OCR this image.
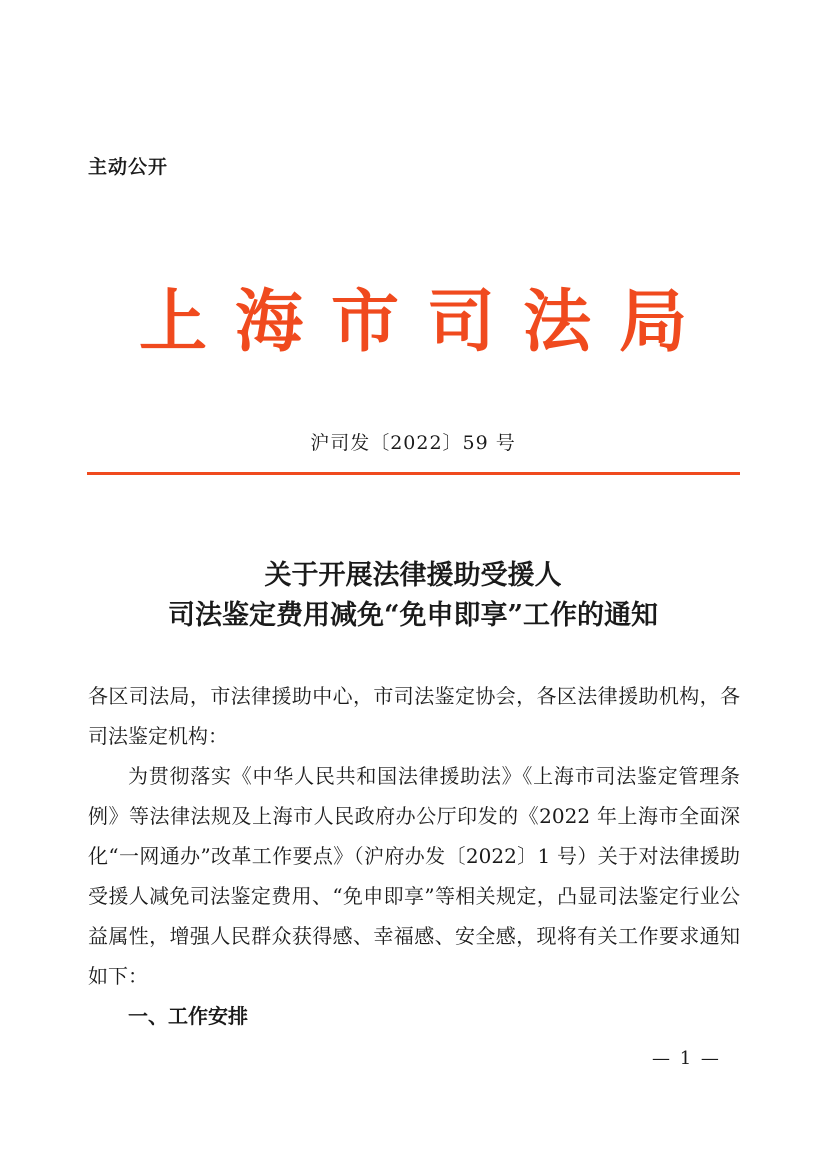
主动公开
上海市司法局
沪司发〔2022〕59 号
关于开展法律援助受援人
司法鉴定费用减免“免申即享”工作的通知

各区司法局，市法律援助中心，市司法鉴定协会，各区法律援助机构，各司法鉴定机构：

为贯彻落实《中华人民共和国法律援助法》《上海市司法鉴定管理条例》等法律法规及上海市人民政府办公厅印发的《2022 年上海市全面深化“一网通办”改革工作要点》（沪府办发〔2022〕1 号）关于对法律援助受援人减免司法鉴定费用、“免申即享”等相关规定，凸显司法鉴定行业公益属性，增强人民群众获得感、幸福感、安全感，现将有关工作要求通知如下：

一、工作安排

— 1 —
